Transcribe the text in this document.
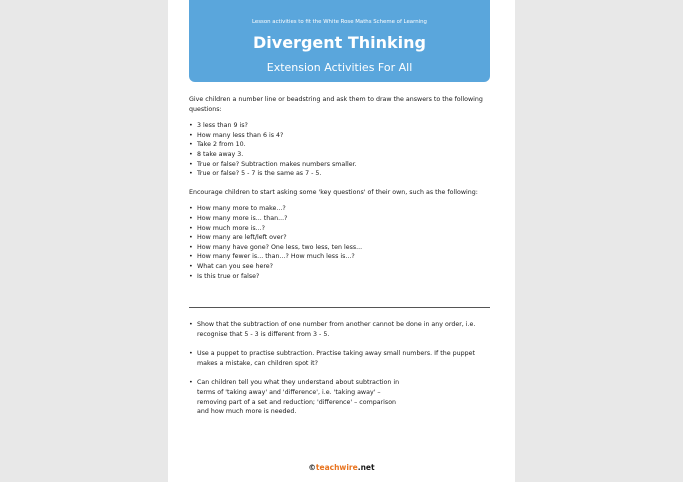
Lesson activities to fit the White Rose Maths Scheme of Learning
Divergent Thinking
Extension Activities For All

Give children a number line or beadstring and ask them to draw the answers to the following questions:

• 3 less than 9 is?
• How many less than 6 is 4?
• Take 2 from 10.
• 8 take away 3.
• True or false? Subtraction makes numbers smaller.
• True or false? 5 - 7 is the same as 7 - 5.

Encourage children to start asking some 'key questions' of their own, such as the following:

• How many more to make...?
• How many more is... than...?
• How much more is...?
• How many are left/left over?
• How many have gone? One less, two less, ten less...
• How many fewer is... than...? How much less is...?
• What can you see here?
• Is this true or false?
• Show that the subtraction of one number from another cannot be done in any order, i.e. recognise that 5 - 3 is different from 3 - 5.
• Use a puppet to practise subtraction. Practise taking away small numbers. If the puppet makes a mistake, can children spot it?
• Can children tell you what they understand about subtraction in terms of 'taking away' and 'difference', i.e. 'taking away' – removing part of a set and reduction; 'difference' – comparison and how much more is needed.
©teachwire.net
